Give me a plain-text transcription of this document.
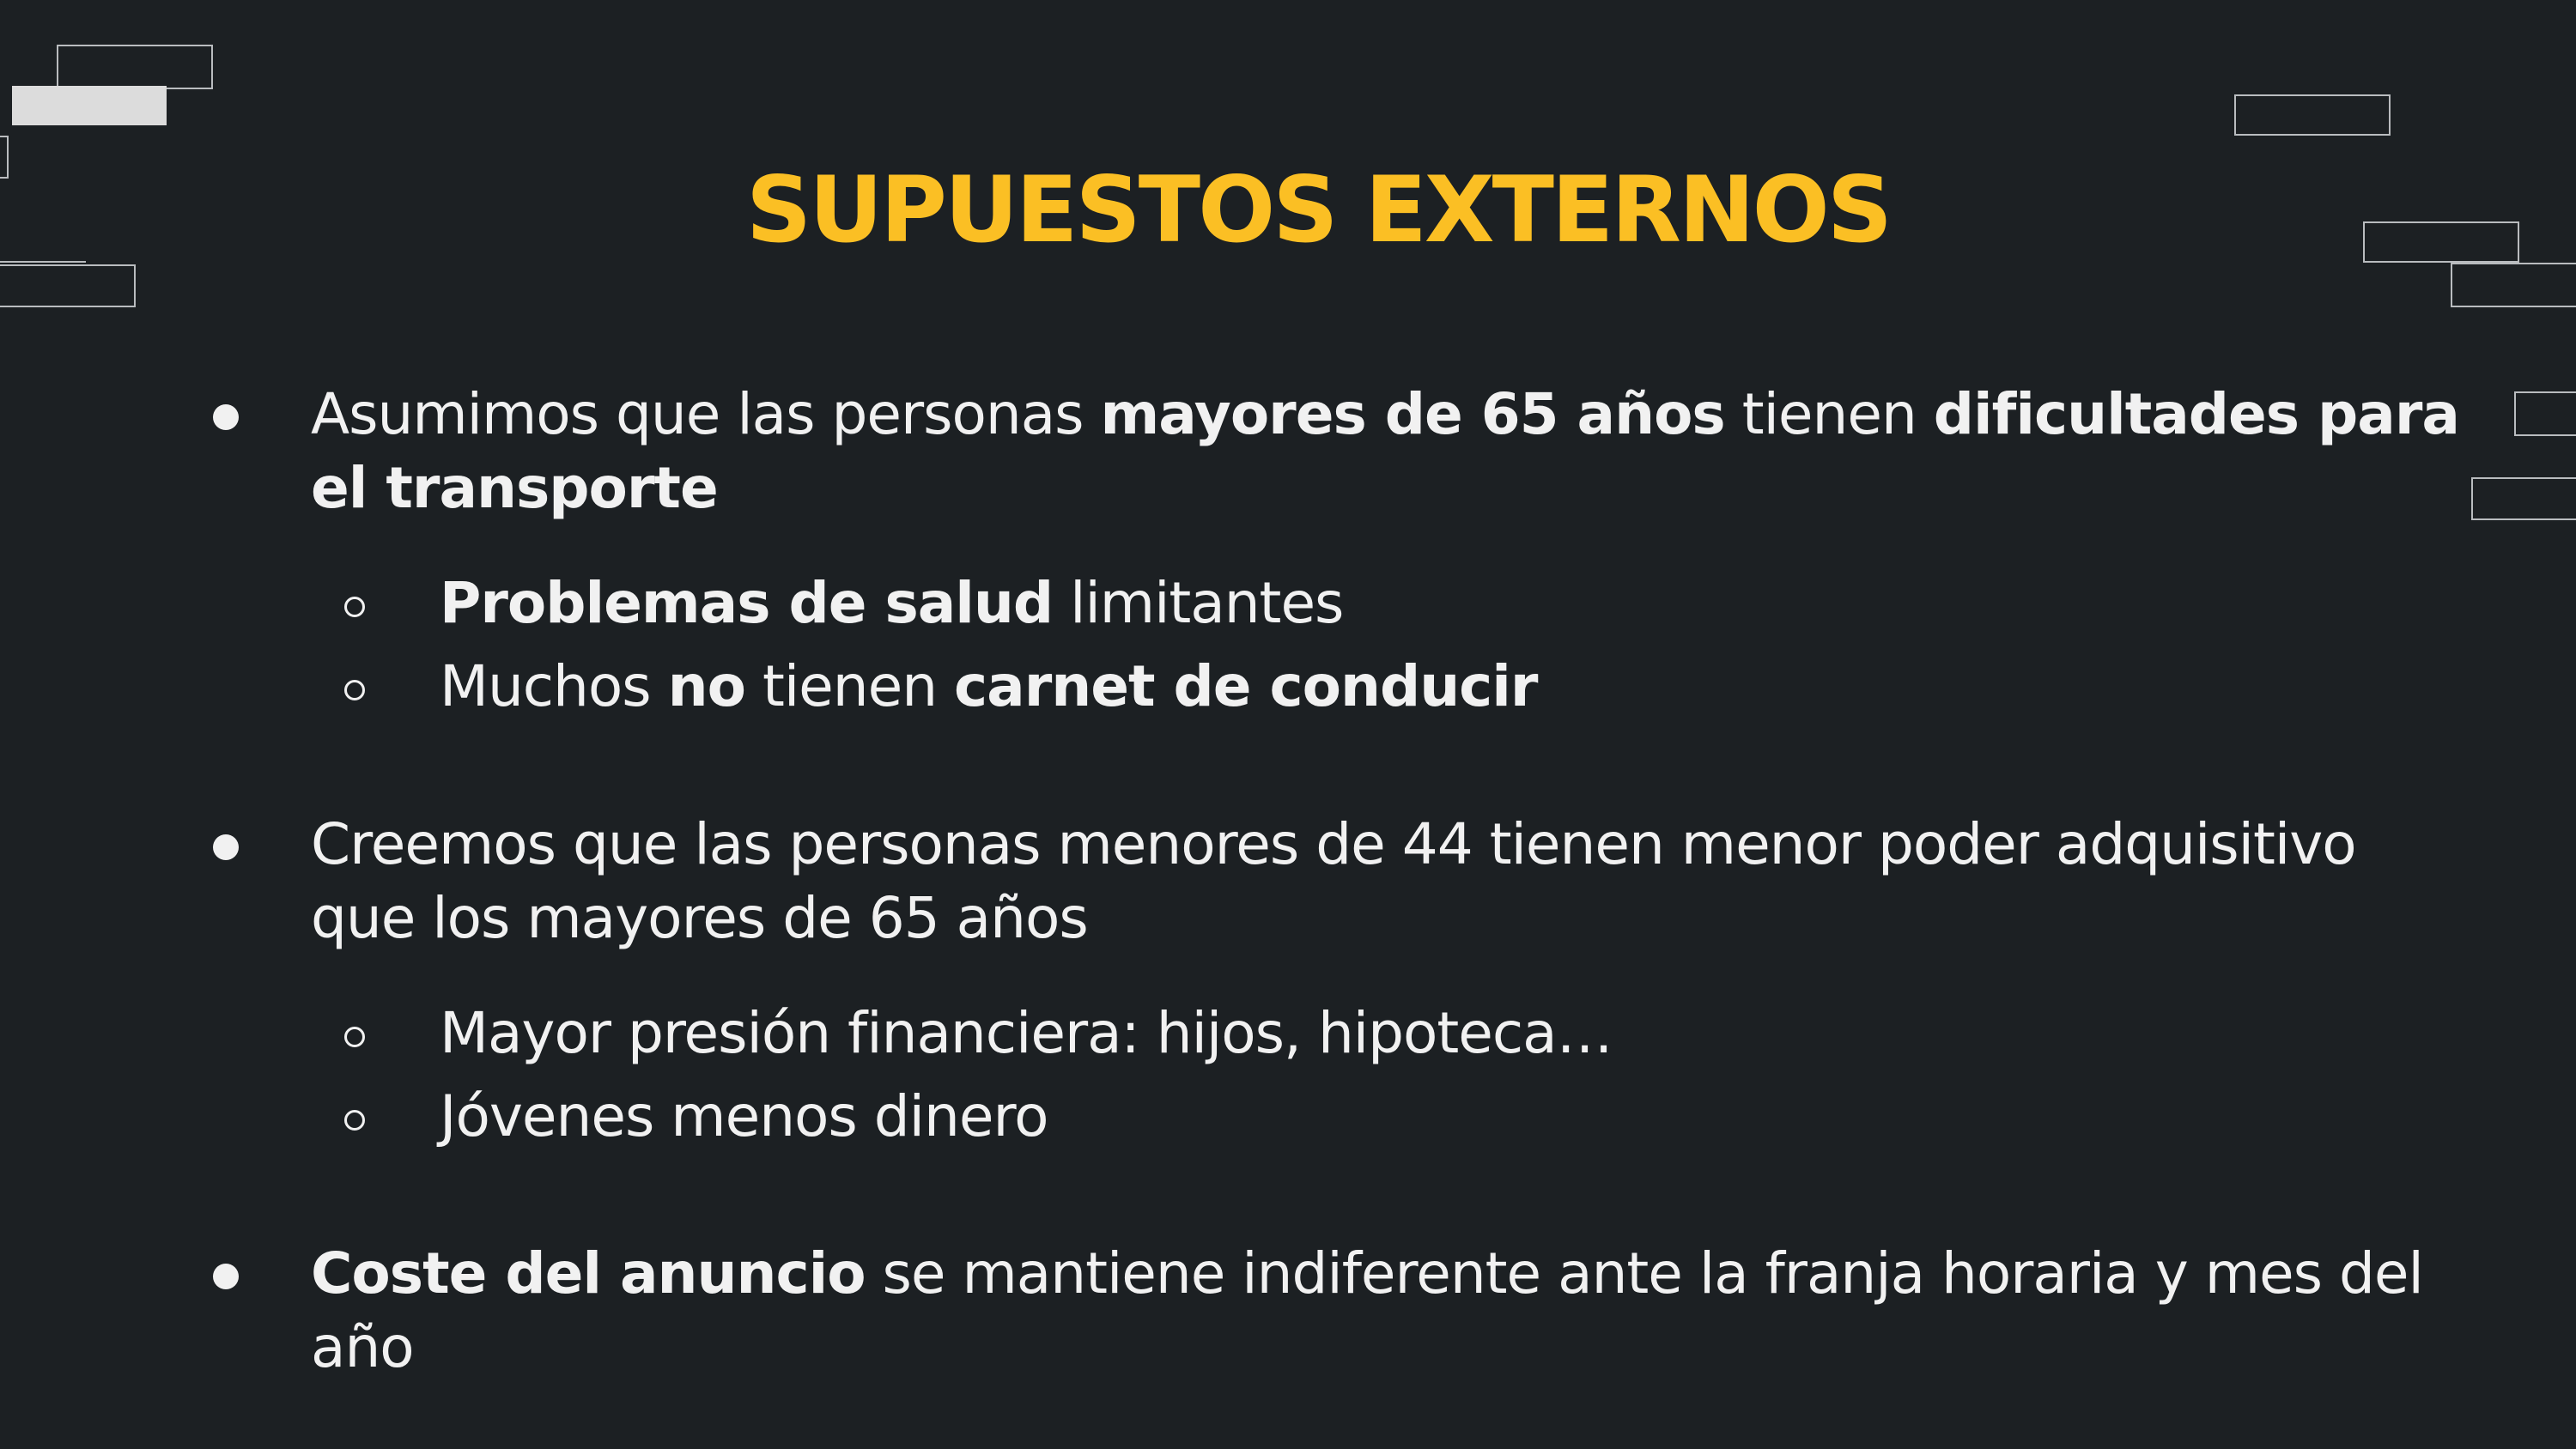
SUPUESTOS EXTERNOS
Asumimos que las personas mayores de 65 años tienen dificultades para el transporte
Problemas de salud limitantes
Muchos no tienen carnet de conducir
Creemos que las personas menores de 44 tienen menor poder adquisitivo que los mayores de 65 años
Mayor presión financiera: hijos, hipoteca…
Jóvenes menos dinero
Coste del anuncio se mantiene indiferente ante la franja horaria y mes del año
